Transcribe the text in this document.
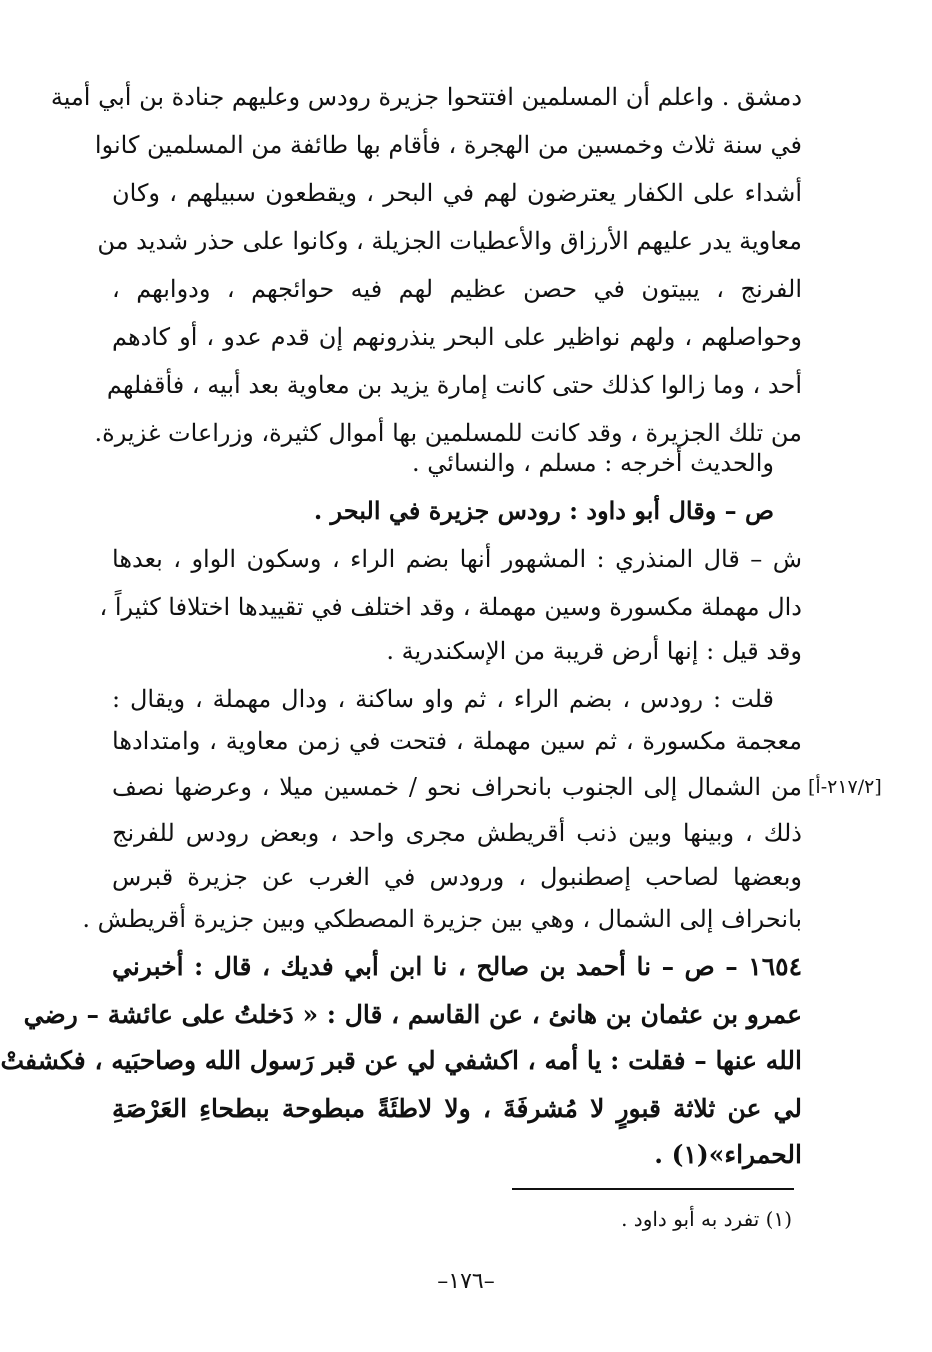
دمشق . واعلم أن المسلمين افتتحوا جزيرة رودس وعليهم جنادة بن أبي أمية
في سنة ثلاث وخمسين من الهجرة ، فأقام بها طائفة من المسلمين كانوا
أشداء على الكفار يعترضون لهم في البحر ، ويقطعون سبيلهم ، وكان
معاوية يدر عليهم الأرزاق والأعطيات الجزيلة ، وكانوا على حذر شديد من
الفرنج ، يبيتون في حصن عظيم لهم فيه حوائجهم ، ودوابهم ،
وحواصلهم ، ولهم نواظير على البحر ينذرونهم إن قدم عدو ، أو كادهم
أحد ، وما زالوا كذلك حتى كانت إمارة يزيد بن معاوية بعد أبيه ، فأقفلهم
من تلك الجزيرة ، وقد كانت للمسلمين بها أموال كثيرة، وزراعات غزيرة.
والحديث أخرجه : مسلم ، والنسائي .
ص – وقال أبو داود : رودس جزيرة في البحر .
ش – قال المنذري : المشهور أنها بضم الراء ، وسكون الواو ، بعدها
دال مهملة مكسورة وسين مهملة ، وقد اختلف في تقييدها اختلافا كثيراً ،
وقد قيل : إنها أرض قريبة من الإسكندرية .
قلت : رودس ، بضم الراء ، ثم واو ساكنة ، ودال مهملة ، ويقال :
معجمة مكسورة ، ثم سين مهملة ، فتحت في زمن معاوية ، وامتدادها
من الشمال إلى الجنوب بانحراف نحو / خمسين ميلا ، وعرضها نصف
ذلك ، وبينها وبين ذنب أقريطش مجرى واحد ، وبعض رودس للفرنج
وبعضها لصاحب إصطنبول ، ورودس في الغرب عن جزيرة قبرس
بانحراف إلى الشمال ، وهي بين جزيرة المصطكي وبين جزيرة أقريطش .
١٦٥٤ – ص – نا أحمد بن صالح ، نا ابن أبي فديك ، قال : أخبرني
عمرو بن عثمان بن هانئ ، عن القاسم ، قال : « دَخلتُ على عائشة – رضي
الله عنها – فقلت : يا أمه ، اكشفي لي عن قبر رَسول الله وصاحبَيه ، فكشفتْ
لي عن ثلاثة قبورٍ لا مُشرفَةَ ، ولا لاطئَةً مبطوحة ببطحاءِ العَرْصَةِ
الحمراء»(١) .
[٢١٧/٢-أ]
(١) تفرد به أبو داود .
–١٧٦–
